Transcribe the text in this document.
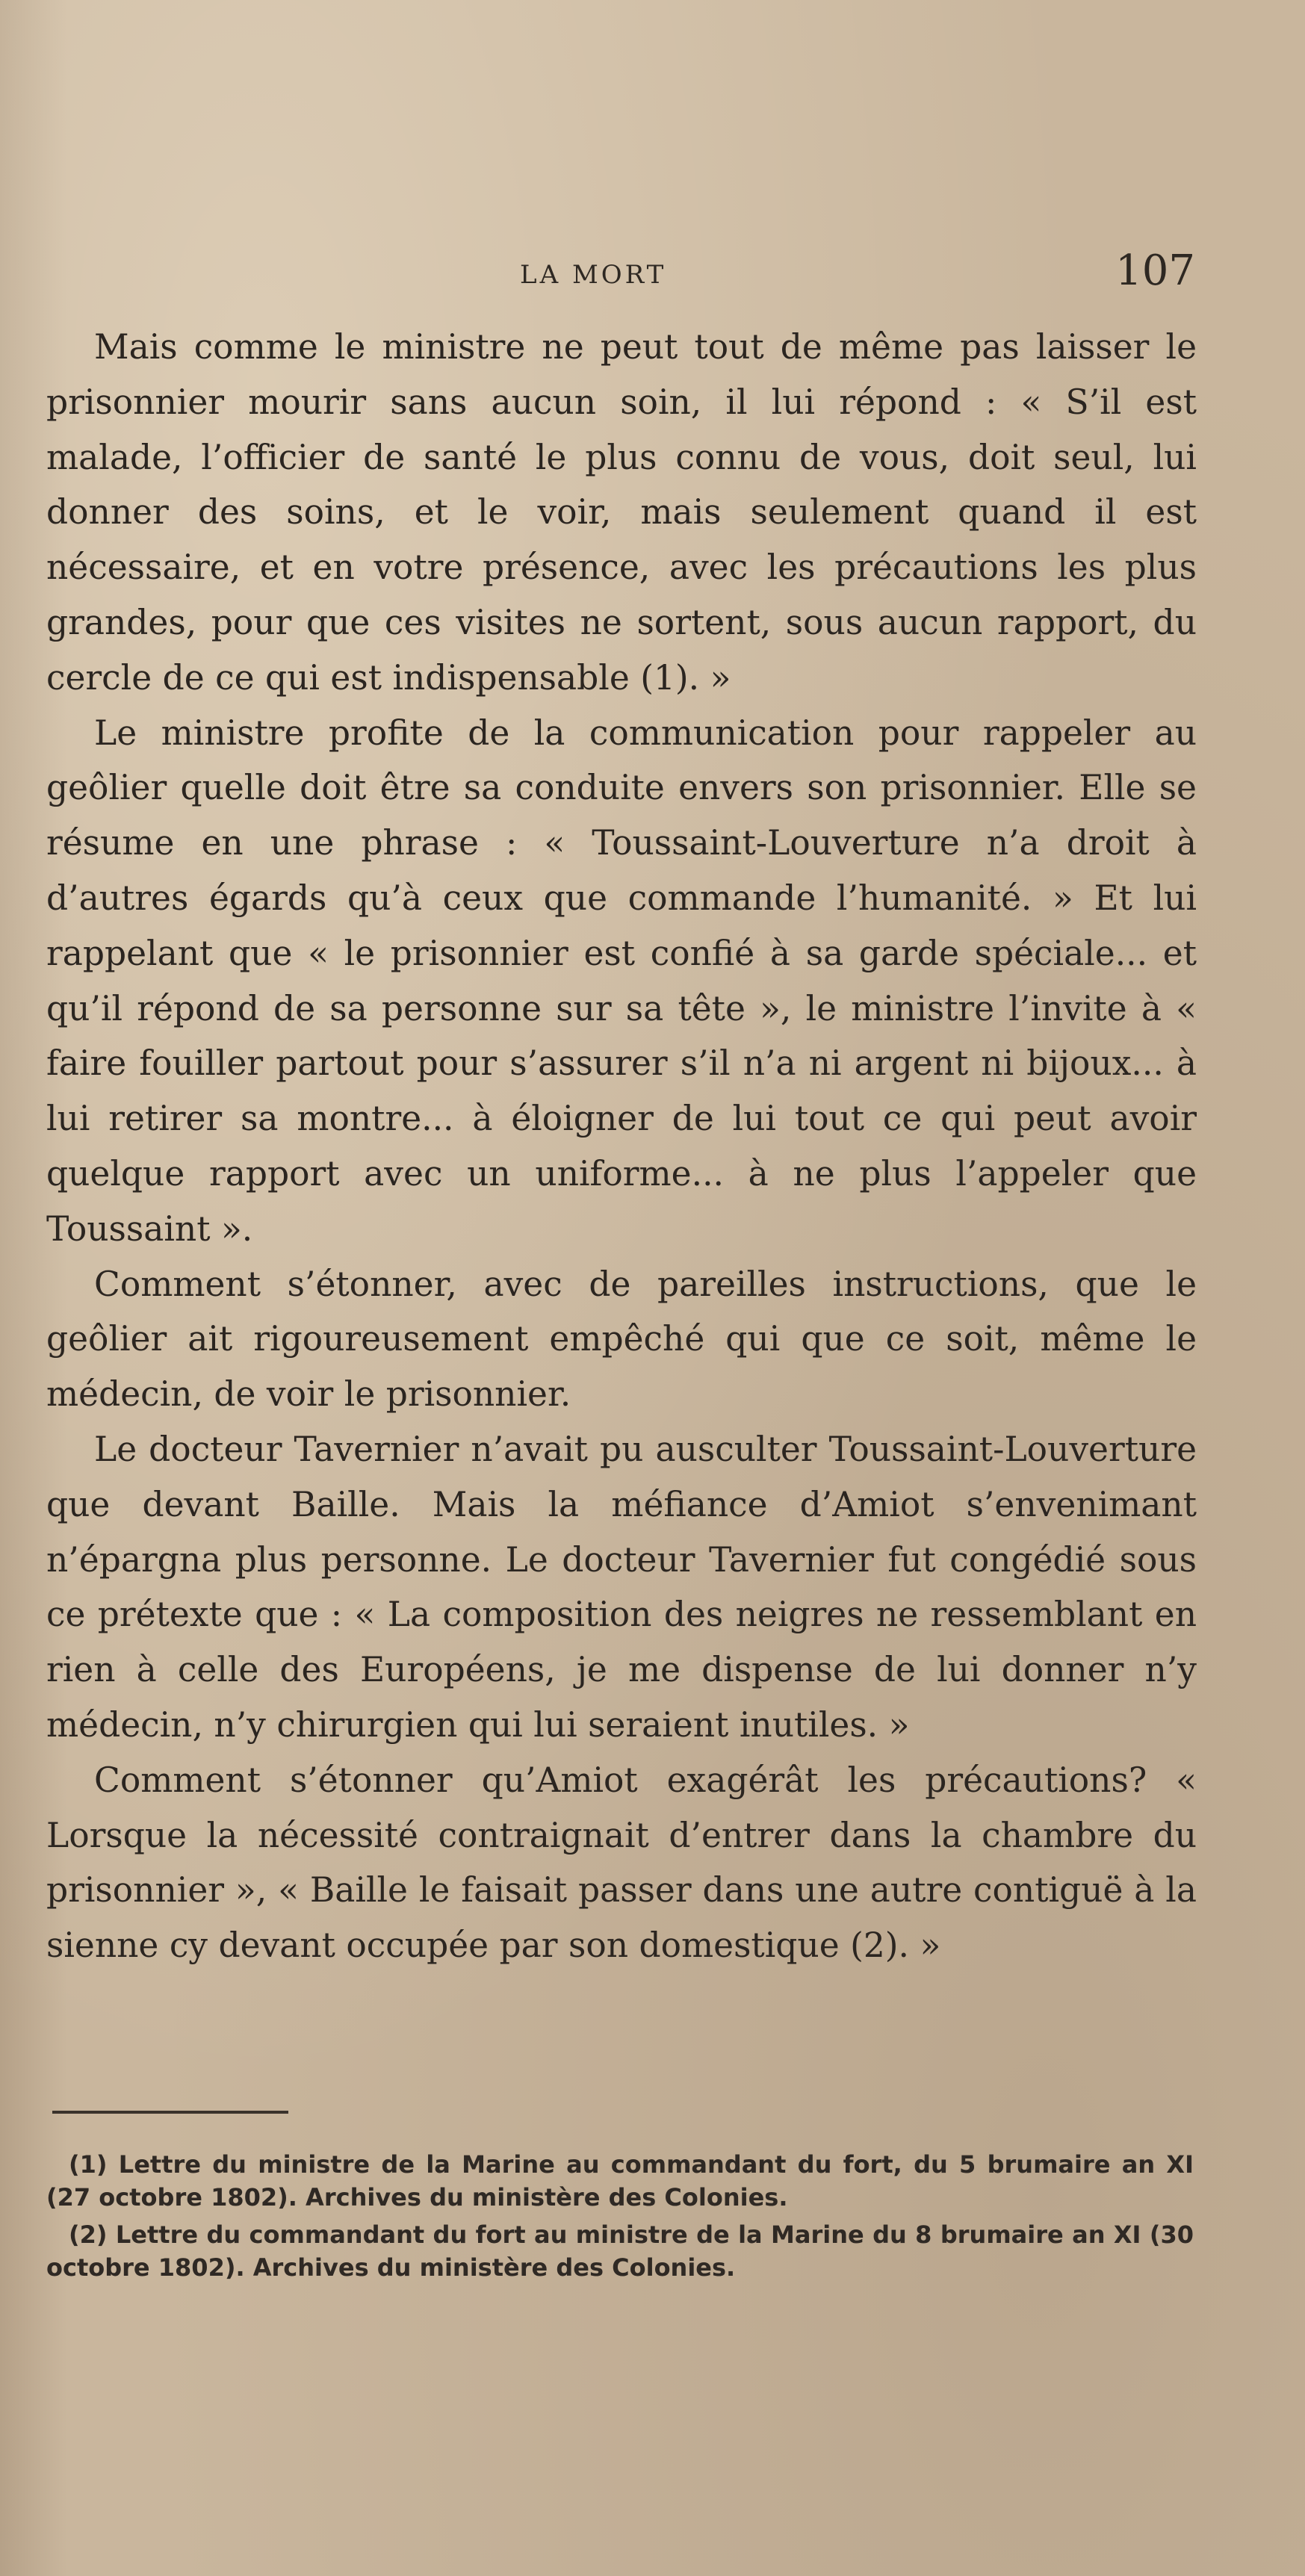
LA MORT	107

Mais comme le ministre ne peut tout de même pas laisser le prisonnier mourir sans aucun soin, il lui répond : « S’il est malade, l’officier de santé le plus connu de vous, doit seul, lui donner des soins, et le voir, mais seulement quand il est nécessaire, et en votre présence, avec les précautions les plus grandes, pour que ces visites ne sortent, sous aucun rapport, du cercle de ce qui est indispensable (1). »

Le ministre profite de la communication pour rappeler au geôlier quelle doit être sa conduite envers son prisonnier. Elle se résume en une phrase : « Toussaint-Louverture n’a droit à d’autres égards qu’à ceux que commande l’humanité. » Et lui rappelant que « le prisonnier est confié à sa garde spéciale... et qu’il répond de sa personne sur sa tête », le ministre l’invite à « faire fouiller partout pour s’assurer s’il n’a ni argent ni bijoux... à lui retirer sa montre... à éloigner de lui tout ce qui peut avoir quelque rapport avec un uniforme... à ne plus l’appeler que Toussaint ».

Comment s’étonner, avec de pareilles instructions, que le geôlier ait rigoureusement empêché qui que ce soit, même le médecin, de voir le prisonnier.

Le docteur Tavernier n’avait pu ausculter Toussaint-Louverture que devant Baille. Mais la méfiance d’Amiot s’envenimant n’épargna plus personne. Le docteur Tavernier fut congédié sous ce prétexte que : « La composition des neigres ne ressemblant en rien à celle des Européens, je me dispense de lui donner n’y médecin, n’y chirurgien qui lui seraient inutiles. »

Comment s’étonner qu’Amiot exagérât les précautions? « Lorsque la nécessité contraignait d’entrer dans la chambre du prisonnier », « Baille le faisait passer dans une autre contiguë à la sienne cy devant occupée par son domestique (2). »

(1) Lettre du ministre de la Marine au commandant du fort, du 5 brumaire an XI (27 octobre 1802). Archives du ministère des Colonies.

(2) Lettre du commandant du fort au ministre de la Marine du 8 brumaire an XI (30 octobre 1802). Archives du ministère des Colonies.
